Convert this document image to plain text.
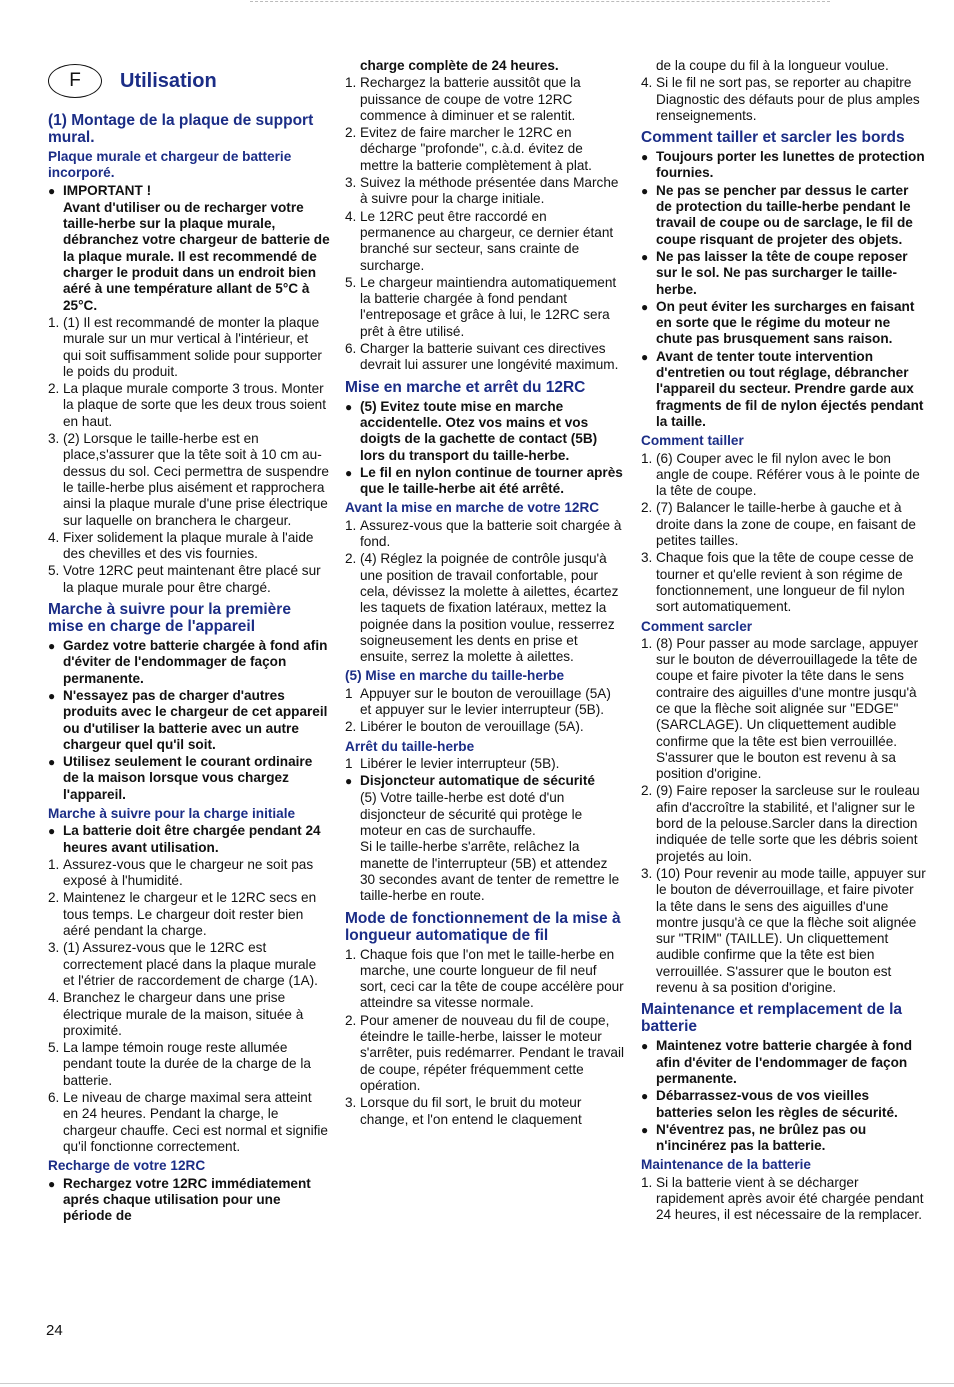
F	Utilisation
(1) Montage de la plaque de support mural.
Plaque murale et chargeur de batterie incorporé.
● IMPORTANT !
Avant d'utiliser ou de recharger votre taille-herbe sur la plaque murale, débranchez votre chargeur de batterie de la plaque murale. Il est recommendé de charger le produit dans un endroit bien aéré à une température allant de 5°C à 25°C.
1. (1) Il est recommandé de monter la plaque murale sur un mur vertical à l'intérieur, et qui soit suffisamment solide pour supporter le poids du produit.
2. La plaque murale comporte 3 trous. Monter la plaque de sorte que les deux trous soient en haut.
3. (2) Lorsque le taille-herbe est en place,s'assurer que la tête soit à 10 cm au-dessus du sol. Ceci permettra de suspendre le taille-herbe plus aisément et rapprochera ainsi la plaque murale d'une prise électrique sur laquelle on branchera le chargeur.
4. Fixer solidement la plaque murale à l'aide des chevilles et des vis fournies.
5. Votre 12RC peut maintenant être placé sur la plaque murale pour être chargé.
Marche à suivre pour la première mise en charge de l'appareil
● Gardez votre batterie chargée à fond afin d'éviter de l'endommager de façon permanente.
● N'essayez pas de charger d'autres produits avec le chargeur de cet appareil ou d'utiliser la batterie avec un autre chargeur quel qu'il soit.
● Utilisez seulement le courant ordinaire de la maison lorsque vous chargez l'appareil.
Marche à suivre pour la charge initiale
● La batterie doit être chargée pendant 24 heures avant utilisation.
1. Assurez-vous que le chargeur ne soit pas exposé à l'humidité.
2. Maintenez le chargeur et le 12RC secs en tous temps. Le chargeur doit rester bien aéré pendant la charge.
3. (1) Assurez-vous que le 12RC est correctement placé dans la plaque murale et l'étrier de raccordement de charge (1A).
4. Branchez le chargeur dans une prise électrique murale de la maison, située à proximité.
5. La lampe témoin rouge reste allumée pendant toute la durée de la charge de la batterie.
6. Le niveau de charge maximal sera atteint en 24 heures. Pendant la charge, le chargeur chauffe. Ceci est normal et signifie qu'il fonctionne correctement.
Recharge de votre 12RC
● Rechargez votre 12RC immédiatement aprés chaque utilisation pour une période de
charge complète de 24 heures.
1. Rechargez la batterie aussitôt que la puissance de coupe de votre 12RC commence à diminuer et se ralentit.
2. Evitez de faire marcher le 12RC en décharge "profonde", c.à.d. évitez de mettre la batterie complètement à plat.
3. Suivez la méthode présentée dans Marche à suivre pour la charge initiale.
4. Le 12RC peut être raccordé en permanence au chargeur, ce dernier étant branché sur secteur, sans crainte de surcharge.
5. Le chargeur maintiendra automatiquement la batterie chargée à fond pendant l'entreposage et grâce à lui, le 12RC sera prêt à être utilisé.
6. Charger la batterie suivant ces directives devrait lui assurer une longévité maximum.
Mise en marche et arrêt du 12RC
● (5) Evitez toute mise en marche accidentelle. Otez vos mains et vos doigts de la gachette de contact (5B) lors du transport du taille-herbe.
● Le fil en nylon continue de tourner après que le taille-herbe ait été arrêté.
Avant la mise en marche de votre 12RC
1. Assurez-vous que la batterie soit chargée à fond.
2. (4) Réglez la poignée de contrôle jusqu'à une position de travail confortable, pour cela, dévissez la molette à ailettes, écartez les taquets de fixation latéraux, mettez la poignée dans la position voulue, resserrez soigneusement les dents en prise et ensuite, serrez la molette à ailettes.
(5) Mise en marche du taille-herbe
1 Appuyer sur le bouton de verouillage (5A) et appuyer sur le levier interrupteur (5B).
2. Libérer le bouton de verouillage (5A).
Arrêt du taille-herbe
1 Libérer le levier interrupteur (5B).
● Disjoncteur automatique de sécurité
(5) Votre taille-herbe est doté d'un disjoncteur de sécurité qui protège le moteur en cas de surchauffe.
Si le taille-herbe s'arrête, relâchez la manette de l'interrupteur (5B) et attendez 30 secondes avant de tenter de remettre le taille-herbe en route.
Mode de fonctionnement de la mise à longueur automatique de fil
1. Chaque fois que l'on met le taille-herbe en marche, une courte longueur de fil neuf sort, ceci car la tête de coupe accélère pour atteindre sa vitesse normale.
2. Pour amener de nouveau du fil de coupe, éteindre le taille-herbe, laisser le moteur s'arrêter, puis redémarrer. Pendant le travail de coupe, répéter fréquemment cette opération.
3. Lorsque du fil sort, le bruit du moteur change, et l'on entend le claquement
de la coupe du fil à la longueur voulue.
4. Si le fil ne sort pas, se reporter au chapitre Diagnostic des défauts pour de plus amples renseignements.
Comment tailler et sarcler les bords
● Toujours porter les lunettes de protection fournies.
● Ne pas se pencher par dessus le carter de protection du taille-herbe pendant le travail de coupe ou de sarclage, le fil de coupe risquant de projeter des objets.
● Ne pas laisser la tête de coupe reposer sur le sol. Ne pas surcharger le taille-herbe.
● On peut éviter les surcharges en faisant en sorte que le régime du moteur ne chute pas brusquement sans raison.
● Avant de tenter toute intervention d'entretien ou tout réglage, débrancher l'appareil du secteur. Prendre garde aux fragments de fil de nylon éjectés pendant la taille.
Comment tailler
1. (6) Couper avec le fil nylon avec le bon angle de coupe. Référer vous à le pointe de la tête de coupe.
2. (7) Balancer le taille-herbe à gauche et à droite dans la zone de coupe, en faisant de petites tailles.
3. Chaque fois que la tête de coupe cesse de tourner et qu'elle revient à son régime de fonctionnement, une longueur de fil nylon sort automatiquement.
Comment sarcler
1. (8) Pour passer au mode sarclage, appuyer sur le bouton de déverrouillagede la tête de coupe et faire pivoter la tête dans le sens contraire des aiguilles d'une montre jusqu'à ce que la flèche soit alignée sur "EDGE" (SARCLAGE). Un cliquettement audible confirme que la tête est bien verrouillée. S'assurer que le bouton est revenu à sa position d'origine.
2. (9) Faire reposer la sarcleuse sur le rouleau afin d'accroître la stabilité, et l'aligner sur le bord de la pelouse.Sarcler dans la direction indiquée de telle sorte que les débris soient projetés au loin.
3. (10) Pour revenir au mode taille, appuyer sur le bouton de déverrouillage, et faire pivoter la tête dans le sens des aiguilles d'une montre jusqu'à ce que la flèche soit alignée sur "TRIM" (TAILLE). Un cliquettement audible confirme que la tête est bien verrouillée. S'assurer que le bouton est revenu à sa position d'origine.
Maintenance et remplacement de la batterie
● Maintenez votre batterie chargée à fond afin d'éviter de l'endommager de façon permanente.
● Débarrassez-vous de vos vieilles batteries selon les règles de sécurité.
● N'éventrez pas, ne brûlez pas ou n'incinérez pas la batterie.
Maintenance de la batterie
1. Si la batterie vient à se décharger rapidement après avoir été chargée pendant 24 heures, il est nécessaire de la remplacer.
24
